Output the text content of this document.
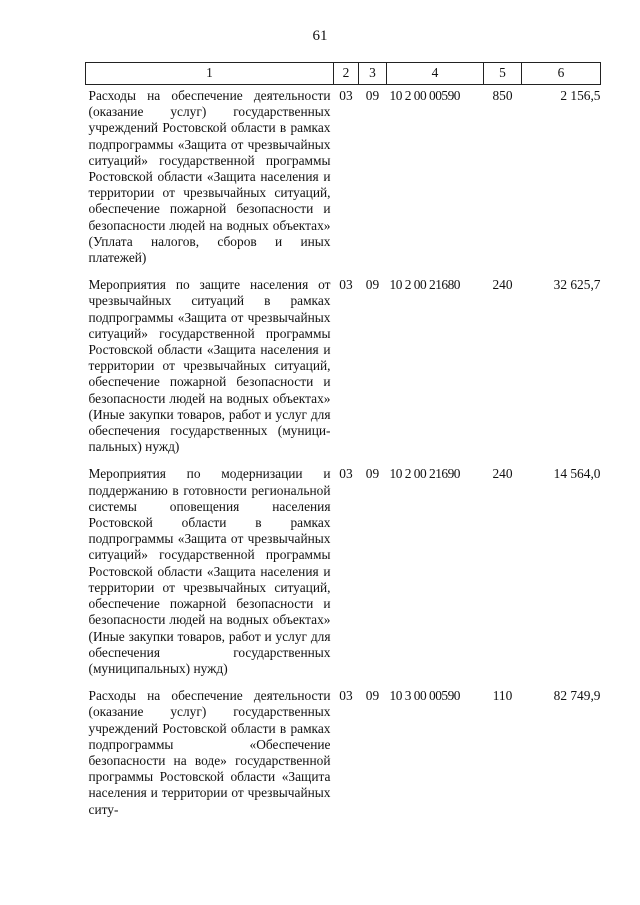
61
1	2	3	4	5	6

Расходы на обеспечение деятельности (оказание услуг) государственных учреждений Ростовской области в рамках подпрограммы «Защита от чрезвычайных ситуаций» государственной программы Ростовской области «Защита населения и территории от чрезвычайных ситуаций, обеспечение пожарной безопасности и безопасности людей на водных объектах» (Уплата налогов, сборов и иных платежей)	03	09	10 2 00 00590	850	2 156,5

Мероприятия по защите населения от чрезвычайных ситуаций в рамках подпрограммы «Защита от чрезвычайных ситуаций» государственной программы Ростовской области «Защита населения и территории от чрезвычайных ситуаций, обеспечение пожарной безопасности и безопасности людей на водных объектах» (Иные закупки товаров, работ и услуг для обеспечения государственных (муниципальных) нужд)	03	09	10 2 00 21680	240	32 625,7

Мероприятия по модернизации и поддержанию в готовности региональной системы оповещения населения Ростовской области в рамках подпрограммы «Защита от чрезвычайных ситуаций» государственной программы Ростовской области «Защита населения и территории от чрезвычайных ситуаций, обеспечение пожарной безопасности и безопасности людей на водных объектах» (Иные закупки товаров, работ и услуг для обеспечения государственных (муниципальных) нужд)	03	09	10 2 00 21690	240	14 564,0

Расходы на обеспечение деятельности (оказание услуг) государственных учреждений Ростовской области в рамках подпрограммы «Обеспечение безопасности на воде» государственной программы Ростовской области «Защита населения и территории от чрезвычайных ситу-	03	09	10 3 00 00590	110	82 749,9
